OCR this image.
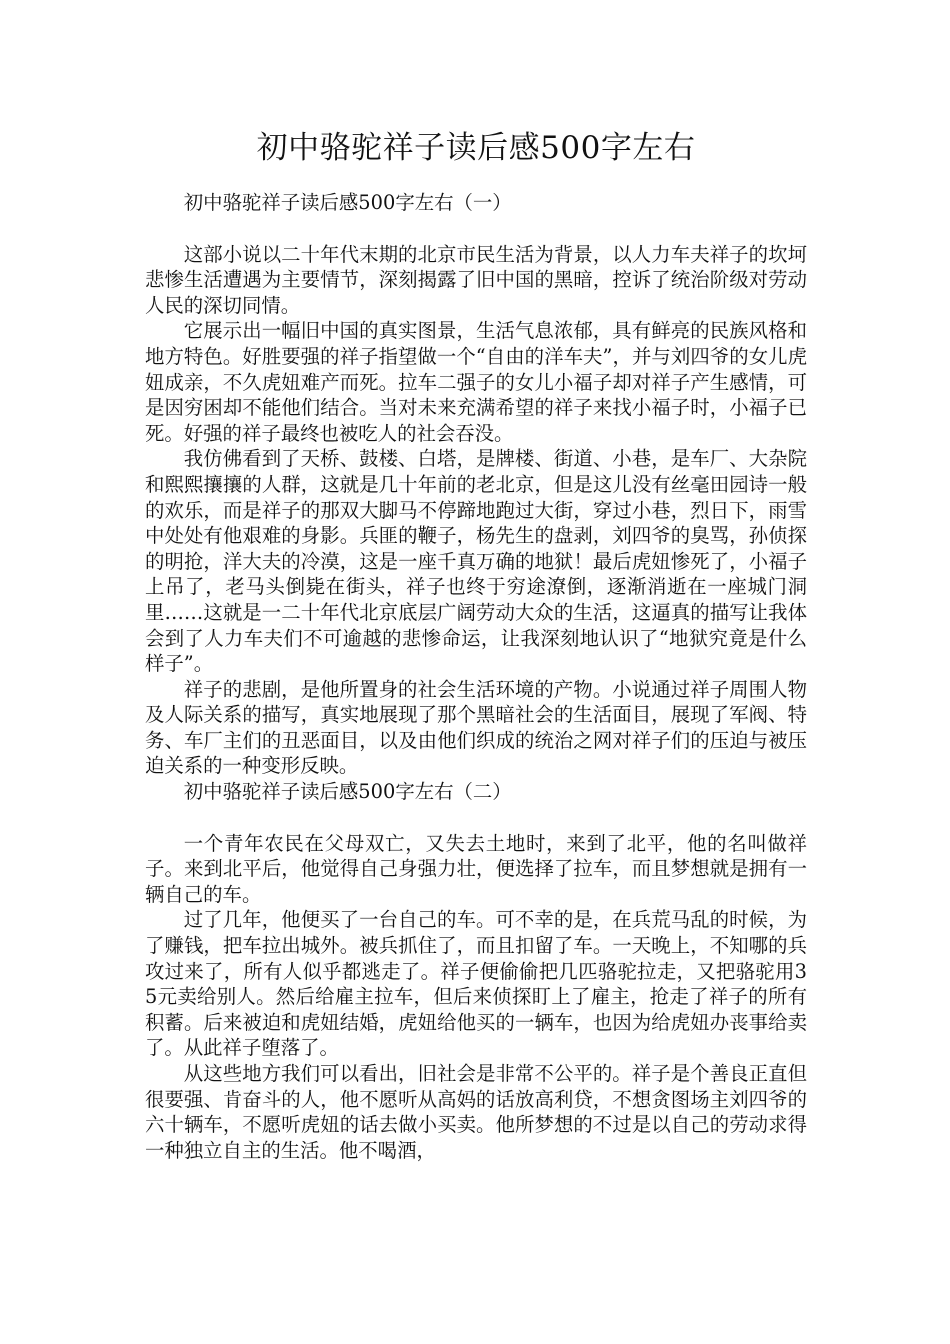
初中骆驼祥子读后感500字左右

初中骆驼祥子读后感500字左右（一）

这部小说以二十年代末期的北京市民生活为背景，以人力车夫祥子的坎坷悲惨生活遭遇为主要情节，深刻揭露了旧中国的黑暗，控诉了统治阶级对劳动人民的深切同情。

它展示出一幅旧中国的真实图景，生活气息浓郁，具有鲜亮的民族风格和地方特色。好胜要强的祥子指望做一个“自由的洋车夫”，并与刘四爷的女儿虎妞成亲，不久虎妞难产而死。拉车二强子的女儿小福子却对祥子产生感情，可是因穷困却不能他们结合。当对未来充满希望的祥子来找小福子时，小福子已死。好强的祥子最终也被吃人的社会吞没。

我仿佛看到了天桥、鼓楼、白塔，是牌楼、街道、小巷，是车厂、大杂院和熙熙攘攘的人群，这就是几十年前的老北京，但是这儿没有丝毫田园诗一般的欢乐，而是祥子的那双大脚马不停蹄地跑过大街，穿过小巷，烈日下，雨雪中处处有他艰难的身影。兵匪的鞭子，杨先生的盘剥，刘四爷的臭骂，孙侦探的明抢，洋大夫的冷漠，这是一座千真万确的地狱！最后虎妞惨死了，小福子上吊了，老马头倒毙在街头，祥子也终于穷途潦倒，逐渐消逝在一座城门洞里……这就是一二十年代北京底层广阔劳动大众的生活，这逼真的描写让我体会到了人力车夫们不可逾越的悲惨命运，让我深刻地认识了“地狱究竟是什么样子”。

祥子的悲剧，是他所置身的社会生活环境的产物。小说通过祥子周围人物及人际关系的描写，真实地展现了那个黑暗社会的生活面目，展现了军阀、特务、车厂主们的丑恶面目，以及由他们织成的统治之网对祥子们的压迫与被压迫关系的一种变形反映。

初中骆驼祥子读后感500字左右（二）

一个青年农民在父母双亡，又失去土地时，来到了北平，他的名叫做祥子。来到北平后，他觉得自己身强力壮，便选择了拉车，而且梦想就是拥有一辆自己的车。

过了几年，他便买了一台自己的车。可不幸的是，在兵荒马乱的时候，为了赚钱，把车拉出城外。被兵抓住了，而且扣留了车。一天晚上，不知哪的兵攻过来了，所有人似乎都逃走了。祥子便偷偷把几匹骆驼拉走，又把骆驼用35元卖给别人。然后给雇主拉车，但后来侦探盯上了雇主，抢走了祥子的所有积蓄。后来被迫和虎妞结婚，虎妞给他买的一辆车，也因为给虎妞办丧事给卖了。从此祥子堕落了。

从这些地方我们可以看出，旧社会是非常不公平的。祥子是个善良正直但很要强、肯奋斗的人，他不愿听从高妈的话放高利贷，不想贪图场主刘四爷的六十辆车，不愿听虎妞的话去做小买卖。他所梦想的不过是以自己的劳动求得一种独立自主的生活。他不喝酒，
